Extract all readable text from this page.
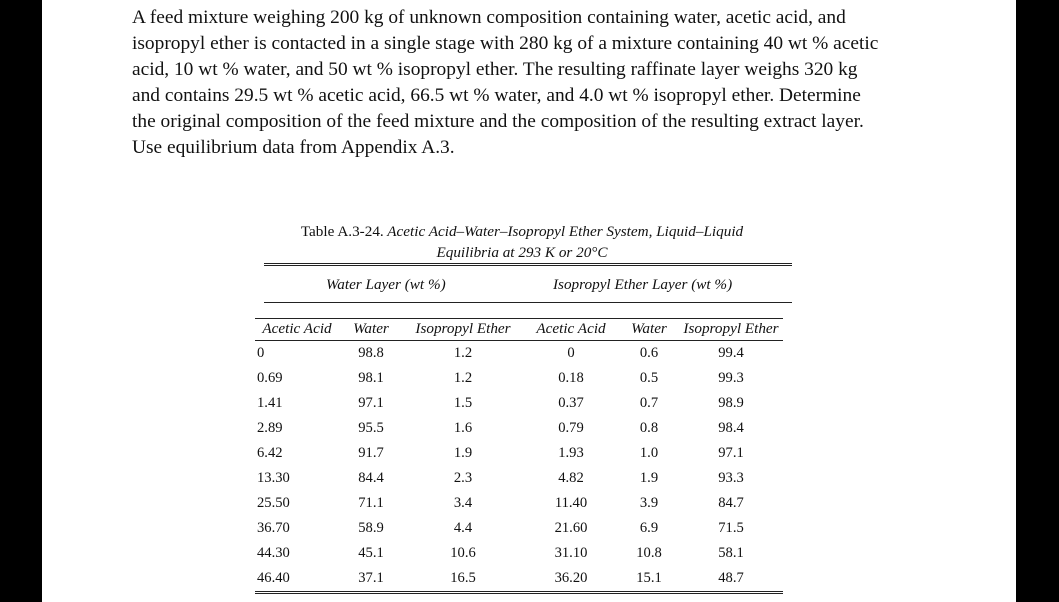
A feed mixture weighing 200 kg of unknown composition containing water, acetic acid, and

isopropyl ether is contacted in a single stage with 280 kg of a mixture containing 40 wt % acetic

acid, 10 wt % water, and 50 wt % isopropyl ether. The resulting raffinate layer weighs 320 kg

and contains 29.5 wt % acetic acid, 66.5 wt % water, and 4.0 wt % isopropyl ether. Determine

the original composition of the feed mixture and the composition of the resulting extract layer.

Use equilibrium data from Appendix A.3.

Table A.3-24. Acetic Acid–Water–Isopropyl Ether System, Liquid–Liquid
Equilibria at 293 K or 20°C
Water Layer (wt %)	Isopropyl Ether Layer (wt %)
Acetic Acid	Water	Isopropyl Ether	Acetic Acid	Water	Isopropyl Ether
0	98.8	1.2	0	0.6	99.4
0.69	98.1	1.2	0.18	0.5	99.3
1.41	97.1	1.5	0.37	0.7	98.9
2.89	95.5	1.6	0.79	0.8	98.4
6.42	91.7	1.9	1.93	1.0	97.1
13.30	84.4	2.3	4.82	1.9	93.3
25.50	71.1	3.4	11.40	3.9	84.7
36.70	58.9	4.4	21.60	6.9	71.5
44.30	45.1	10.6	31.10	10.8	58.1
46.40	37.1	16.5	36.20	15.1	48.7
